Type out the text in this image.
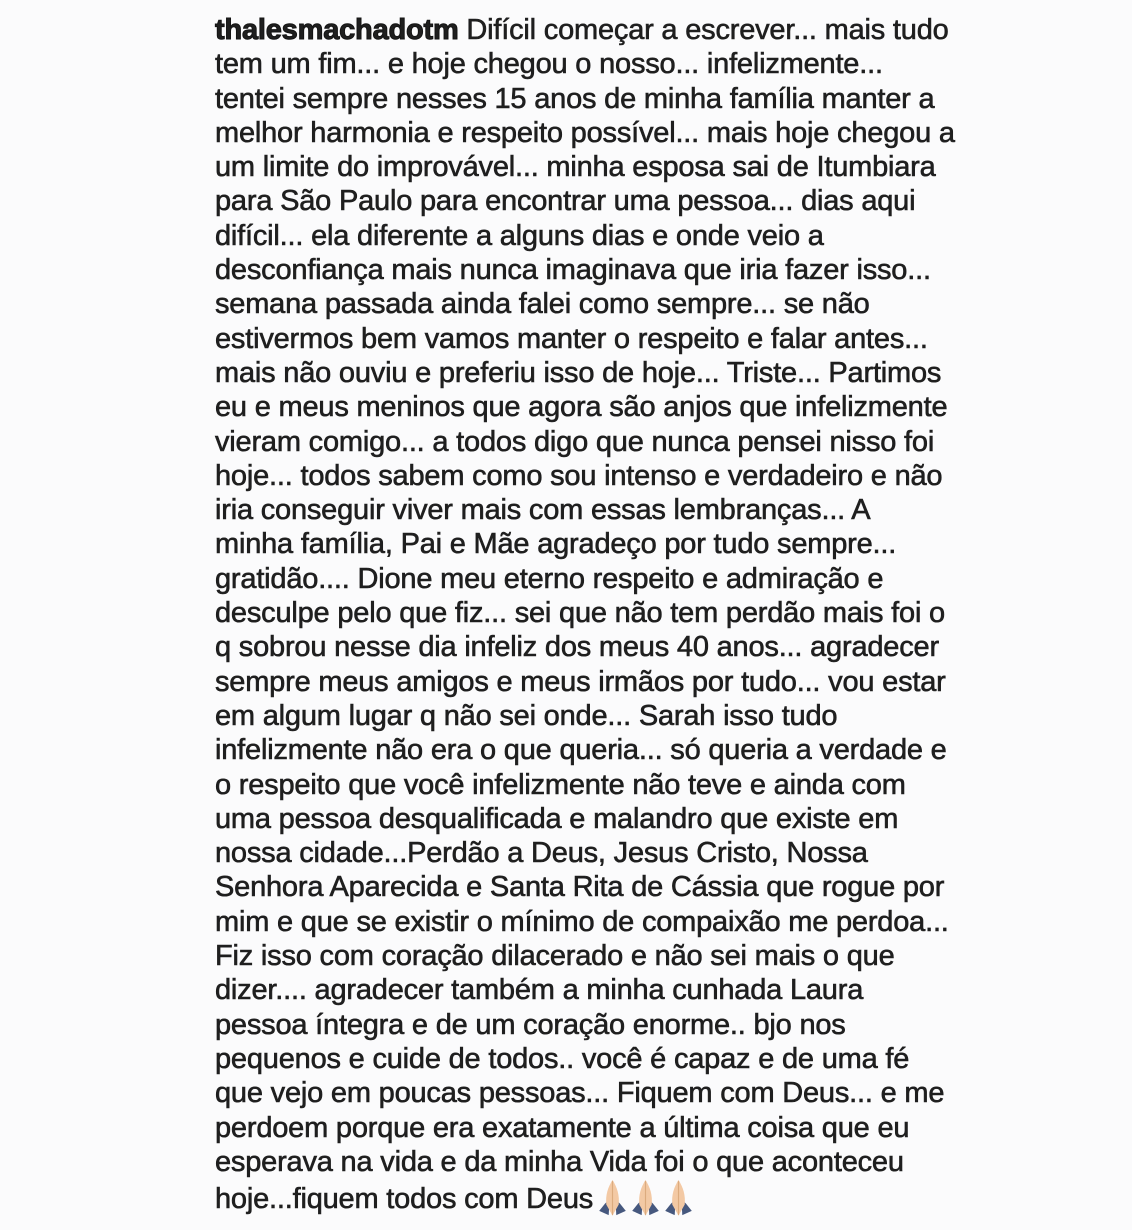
thalesmachadotm Difícil começar a escrever... mais tudo
tem um fim... e hoje chegou o nosso... infelizmente...
tentei sempre nesses 15 anos de minha família manter a
melhor harmonia e respeito possível... mais hoje chegou a
um limite do improvável... minha esposa sai de Itumbiara
para São Paulo para encontrar uma pessoa... dias aqui
difícil... ela diferente a alguns dias e onde veio a
desconfiança mais nunca imaginava que iria fazer isso...
semana passada ainda falei como sempre... se não
estivermos bem vamos manter o respeito e falar antes...
mais não ouviu e preferiu isso de hoje... Triste... Partimos
eu e meus meninos que agora são anjos que infelizmente
vieram comigo... a todos digo que nunca pensei nisso foi
hoje... todos sabem como sou intenso e verdadeiro e não
iria conseguir viver mais com essas lembranças... A
minha família, Pai e Mãe agradeço por tudo sempre...
gratidão.... Dione meu eterno respeito e admiração e
desculpe pelo que fiz... sei que não tem perdão mais foi o
q sobrou nesse dia infeliz dos meus 40 anos... agradecer
sempre meus amigos e meus irmãos por tudo... vou estar
em algum lugar q não sei onde... Sarah isso tudo
infelizmente não era o que queria... só queria a verdade e
o respeito que você infelizmente não teve e ainda com
uma pessoa desqualificada e malandro que existe em
nossa cidade...Perdão a Deus, Jesus Cristo, Nossa
Senhora Aparecida e Santa Rita de Cássia que rogue por
mim e que se existir o mínimo de compaixão me perdoa...
Fiz isso com coração dilacerado e não sei mais o que
dizer.... agradecer também a minha cunhada Laura
pessoa íntegra e de um coração enorme.. bjo nos
pequenos e cuide de todos.. você é capaz e de uma fé
que vejo em poucas pessoas... Fiquem com Deus... e me
perdoem porque era exatamente a última coisa que eu
esperava na vida e da minha Vida foi o que aconteceu
hoje...fiquem todos com Deus
